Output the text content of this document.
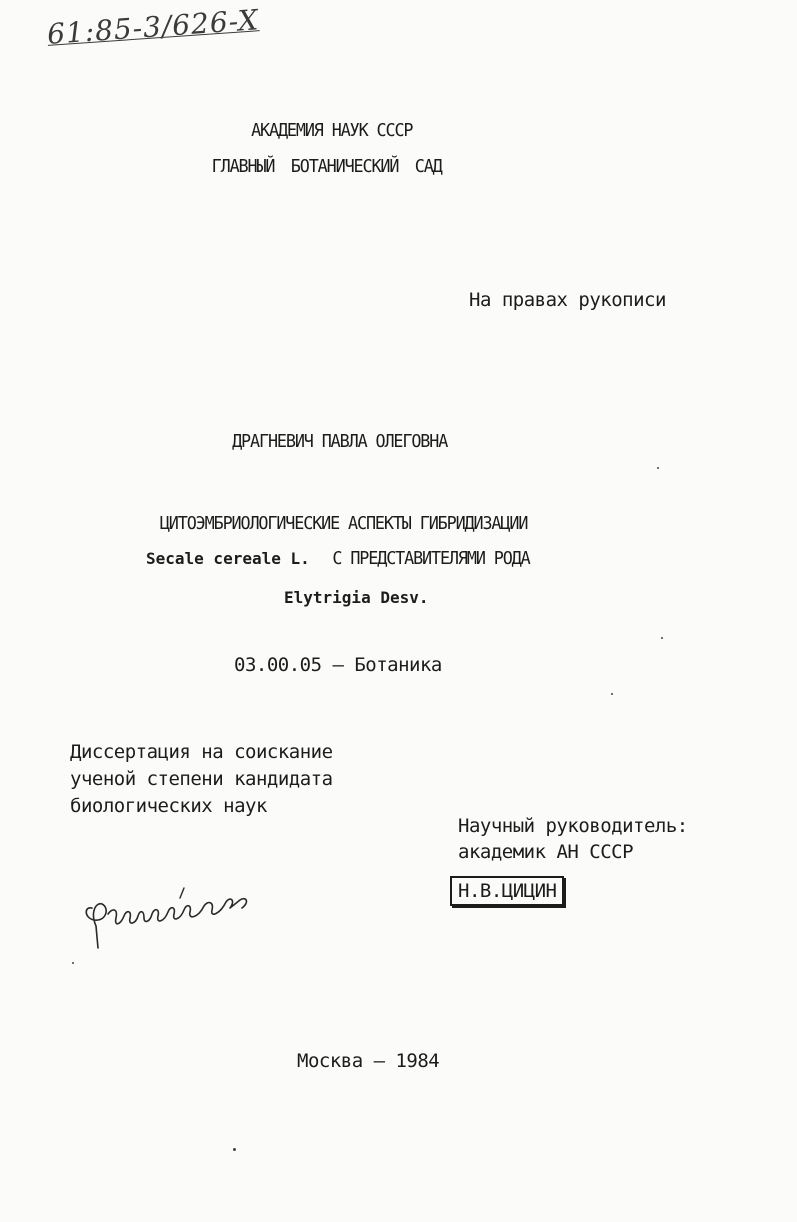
61:85-3/626-X
АКАДЕМИЯ НАУК СССР
ГЛАВНЫЙ БОТАНИЧЕСКИЙ САД
На правах рукописи
ДРАГНЕВИЧ ПАВЛА ОЛЕГОВНА
ЦИТОЭМБРИОЛОГИЧЕСКИЕ АСПЕКТЫ ГИБРИДИЗАЦИИ
Secale cereale L. С ПРЕДСТАВИТЕЛЯМИ РОДА
Elytrigia Desv.
03.00.05 – Ботаника
Диссертация на соискание
ученой степени кандидата
биологических наук
Научный руководитель:
академик АН СССР
Н.В.ЦИЦИН
Москва – 1984
